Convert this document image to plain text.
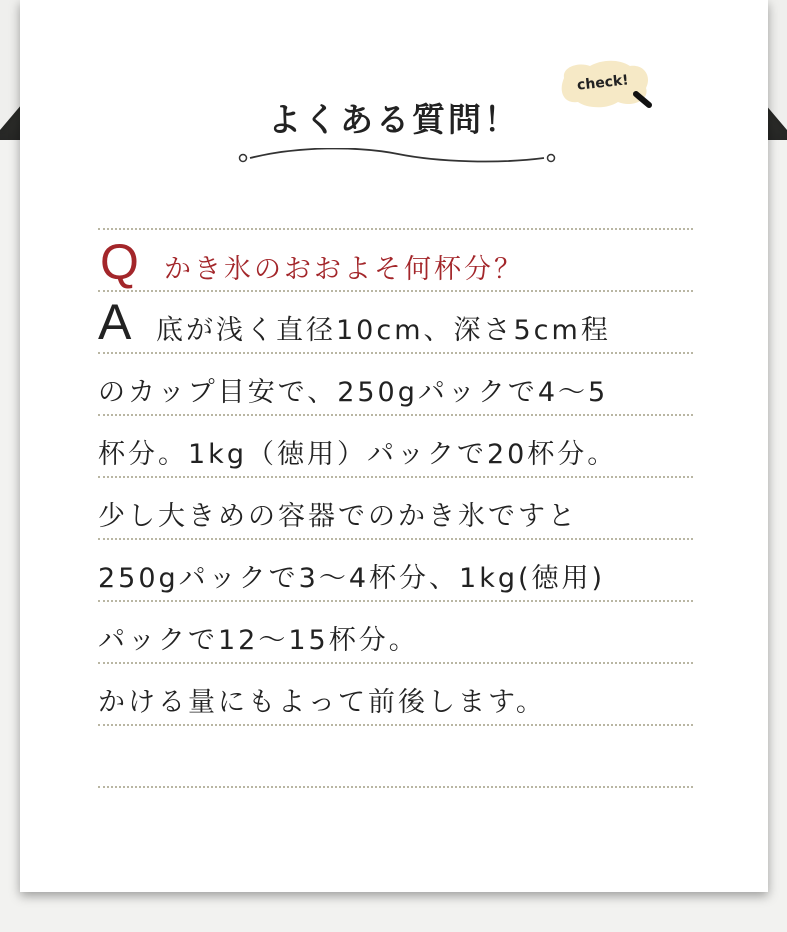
よくある質問！
check!
Q かき氷のおおよそ何杯分？
A 底が浅く直径10cm、深さ5cm程
のカップ目安で、250gパックで4～5
杯分。1kg（徳用）パックで20杯分。
少し大きめの容器でのかき氷ですと
250gパックで3～4杯分、1kg(徳用)
パックで12～15杯分。
かける量にもよって前後します。
